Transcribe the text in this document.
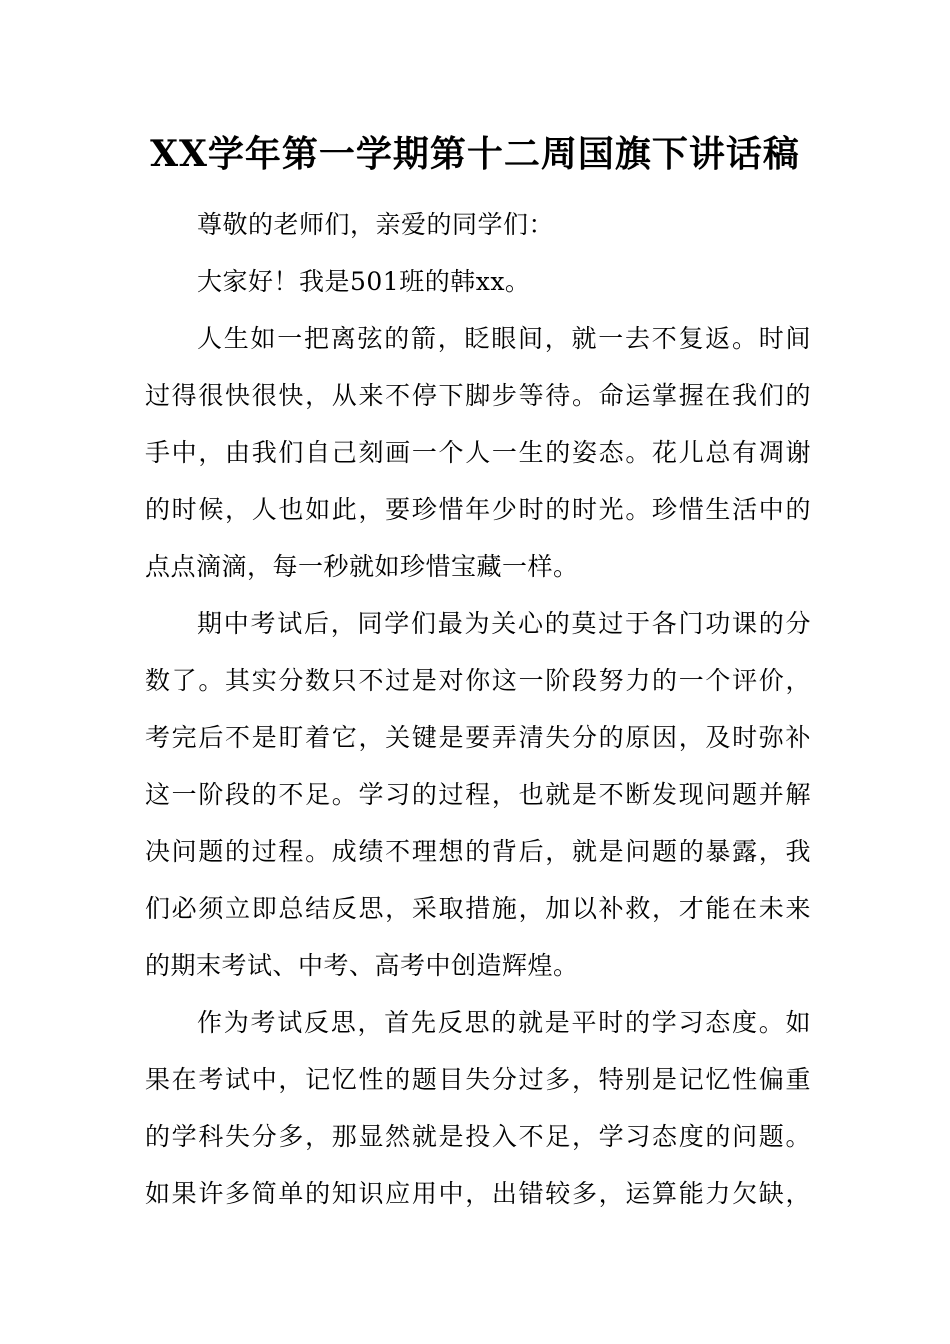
XX学年第一学期第十二周国旗下讲话稿
尊敬的老师们，亲爱的同学们：
大家好！我是501班的韩xx。
人生如一把离弦的箭，眨眼间，就一去不复返。时间
过得很快很快，从来不停下脚步等待。命运掌握在我们的
手中，由我们自己刻画一个人一生的姿态。花儿总有凋谢
的时候，人也如此，要珍惜年少时的时光。珍惜生活中的
点点滴滴，每一秒就如珍惜宝藏一样。
期中考试后，同学们最为关心的莫过于各门功课的分
数了。其实分数只不过是对你这一阶段努力的一个评价，
考完后不是盯着它，关键是要弄清失分的原因，及时弥补
这一阶段的不足。学习的过程，也就是不断发现问题并解
决问题的过程。成绩不理想的背后，就是问题的暴露，我
们必须立即总结反思，采取措施，加以补救，才能在未来
的期末考试、中考、高考中创造辉煌。
作为考试反思，首先反思的就是平时的学习态度。如
果在考试中，记忆性的题目失分过多，特别是记忆性偏重
的学科失分多，那显然就是投入不足，学习态度的问题。
如果许多简单的知识应用中，出错较多，运算能力欠缺，
